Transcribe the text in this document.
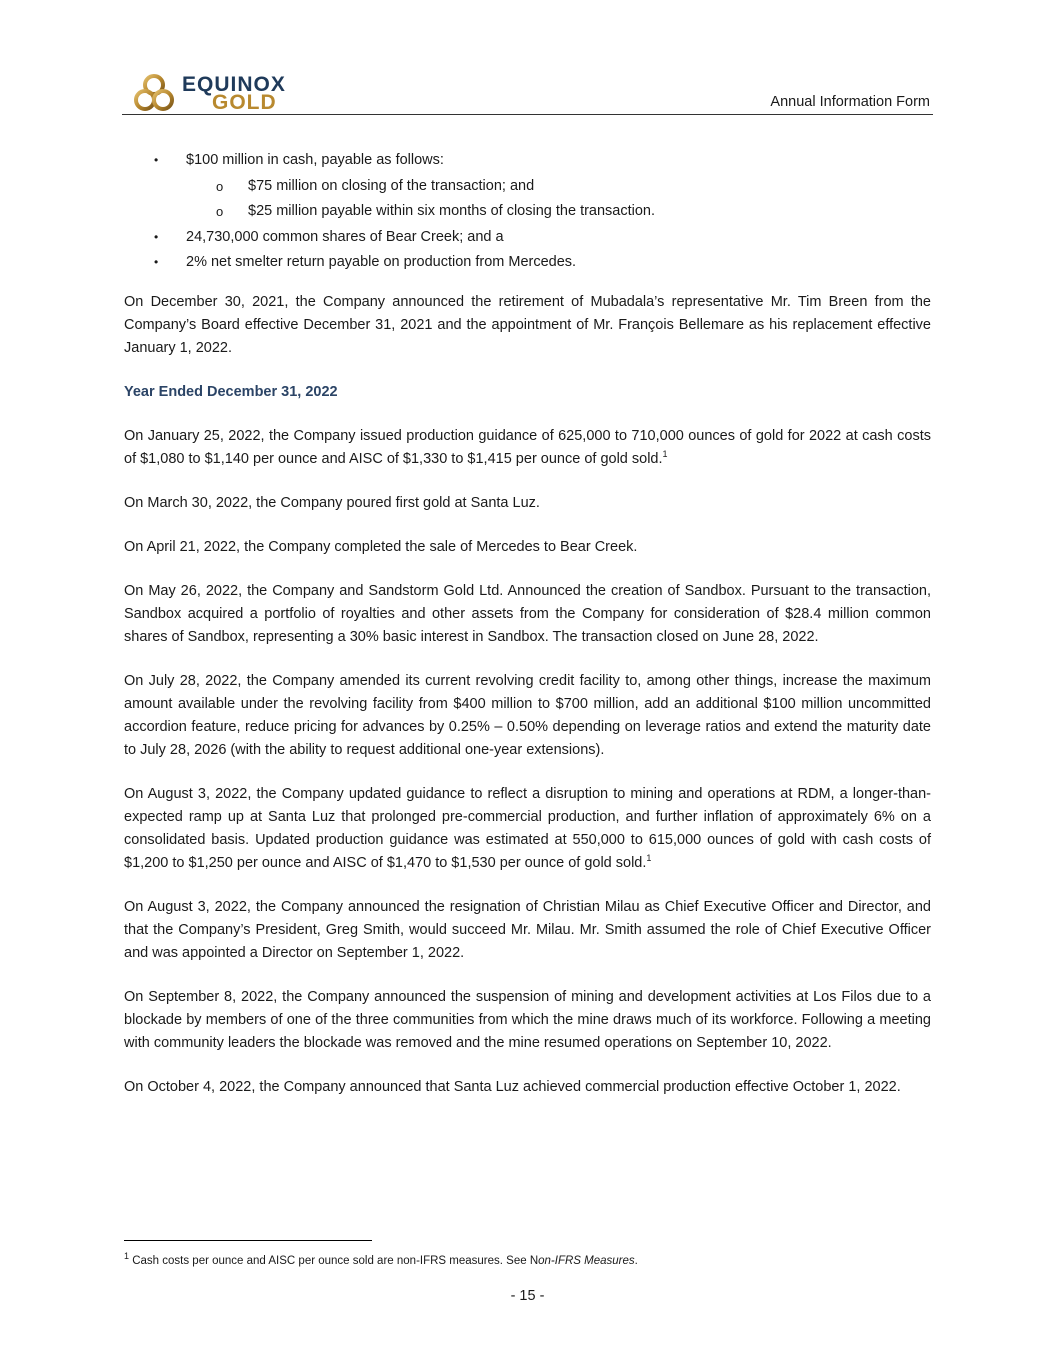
EQUINOX
GOLD	Annual Information Form
• $100 million in cash, payable as follows:
o $75 million on closing of the transaction; and
o $25 million payable within six months of closing the transaction.
• 24,730,000 common shares of Bear Creek; and a
• 2% net smelter return payable on production from Mercedes.

On December 30, 2021, the Company announced the retirement of Mubadala’s representative Mr. Tim Breen from the Company’s Board effective December 31, 2021 and the appointment of Mr. François Bellemare as his replacement effective January 1, 2022.

Year Ended December 31, 2022

On January 25, 2022, the Company issued production guidance of 625,000 to 710,000 ounces of gold for 2022 at cash costs of $1,080 to $1,140 per ounce and AISC of $1,330 to $1,415 per ounce of gold sold.$^1$

On March 30, 2022, the Company poured first gold at Santa Luz.

On April 21, 2022, the Company completed the sale of Mercedes to Bear Creek.

On May 26, 2022, the Company and Sandstorm Gold Ltd. Announced the creation of Sandbox. Pursuant to the transaction, Sandbox acquired a portfolio of royalties and other assets from the Company for consideration of $28.4 million common shares of Sandbox, representing a 30% basic interest in Sandbox. The transaction closed on June 28, 2022.

On July 28, 2022, the Company amended its current revolving credit facility to, among other things, increase the maximum amount available under the revolving facility from $400 million to $700 million, add an additional $100 million uncommitted accordion feature, reduce pricing for advances by 0.25% – 0.50% depending on leverage ratios and extend the maturity date to July 28, 2026 (with the ability to request additional one-year extensions).

On August 3, 2022, the Company updated guidance to reflect a disruption to mining and operations at RDM, a longer-than-expected ramp up at Santa Luz that prolonged pre-commercial production, and further inflation of approximately 6% on a consolidated basis. Updated production guidance was estimated at 550,000 to 615,000 ounces of gold with cash costs of $1,200 to $1,250 per ounce and AISC of $1,470 to $1,530 per ounce of gold sold.$^1$

On August 3, 2022, the Company announced the resignation of Christian Milau as Chief Executive Officer and Director, and that the Company’s President, Greg Smith, would succeed Mr. Milau. Mr. Smith assumed the role of Chief Executive Officer and was appointed a Director on September 1, 2022.

On September 8, 2022, the Company announced the suspension of mining and development activities at Los Filos due to a blockade by members of one of the three communities from which the mine draws much of its workforce. Following a meeting with community leaders the blockade was removed and the mine resumed operations on September 10, 2022.

On October 4, 2022, the Company announced that Santa Luz achieved commercial production effective October 1, 2022.

$^1$ Cash costs per ounce and AISC per ounce sold are non-IFRS measures. See Non-IFRS Measures.
- 15 -
